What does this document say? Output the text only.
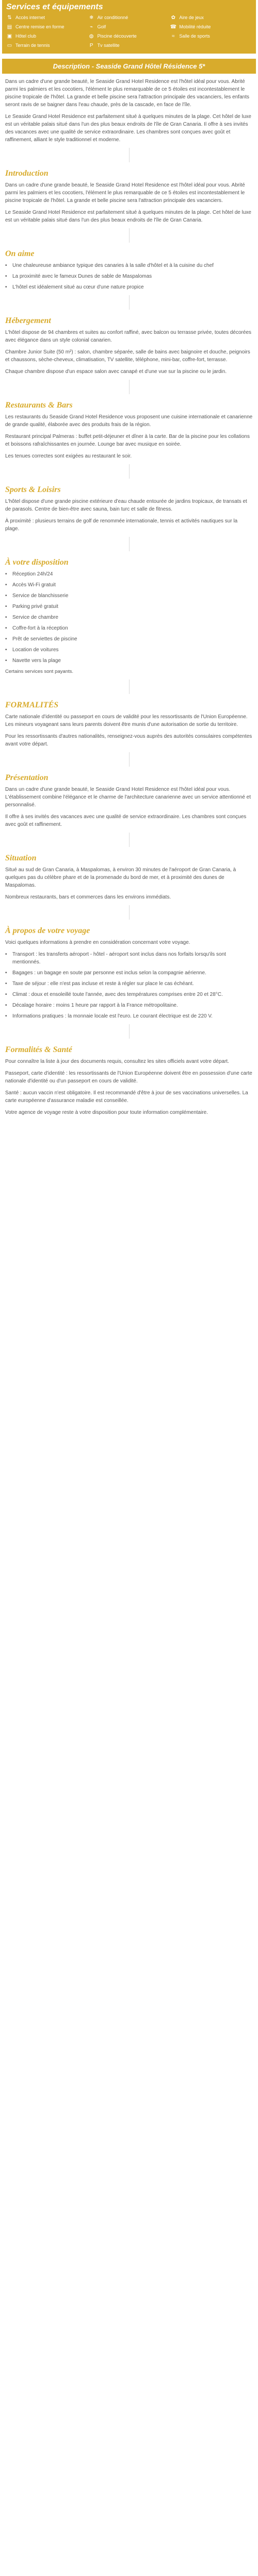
Services et équipements
⇅ Accès internet	❄ Air conditionné	✿ Aire de jeux
▤ Centre remise en forme	⌁ Golf	☎ Mobilité réduite
▣ Hôtel club	◍ Piscine découverte	≈ Salle de sports
▭ Terrain de tennis	P Tv satellite
Description - Seaside Grand Hôtel Résidence 5*

Dans un cadre d'une grande beauté, le Seaside Grand Hotel Residence est l'hôtel idéal pour vous. Abrité parmi les palmiers et les cocotiers, l'élément le plus remarquable de ce 5 étoiles est incontestablement le piscine tropicale de l'hôtel. La grande et belle piscine sera l'attraction principale des vacanciers, les enfants seront ravis de se baigner dans l'eau chaude, près de la cascade, en face de l'île.

Le Seaside Grand Hotel Residence est parfaitement situé à quelques minutes de la plage. Cet hôtel de luxe est un véritable palais situé dans l'un des plus beaux endroits de l'île de Gran Canaria. Il offre à ses invités des vacances avec une qualité de service extraordinaire. Les chambres sont conçues avec goût et raffinement, alliant le style traditionnel et moderne.

Introduction

Dans un cadre d'une grande beauté, le Seaside Grand Hotel Residence est l'hôtel idéal pour vous. Abrité parmi les palmiers et les cocotiers, l'élément le plus remarquable de ce 5 étoiles est incontestablement le piscine tropicale de l'hôtel. La grande et belle piscine sera l'attraction principale des vacanciers.

Le Seaside Grand Hotel Residence est parfaitement situé à quelques minutes de la plage. Cet hôtel de luxe est un véritable palais situé dans l'un des plus beaux endroits de l'île de Gran Canaria.

On aime
•	Une chaleureuse ambiance typique des canaries à la salle d'hôtel et à la cuisine du chef
•	La proximité avec le fameux Dunes de sable de Maspalomas
•	L'hôtel est idéalement situé au cœur d'une nature propice
Hébergement

L'hôtel dispose de 94 chambres et suites au confort raffiné, avec balcon ou terrasse privée, toutes décorées avec élégance dans un style colonial canarien.

Chambre Junior Suite (50 m²) : salon, chambre séparée, salle de bains avec baignoire et douche, peignoirs et chaussons, sèche-cheveux, climatisation, TV satellite, téléphone, mini-bar, coffre-fort, terrasse.

Chaque chambre dispose d'un espace salon avec canapé et d'une vue sur la piscine ou le jardin.

Restaurants & Bars

Les restaurants du Seaside Grand Hotel Residence vous proposent une cuisine internationale et canarienne de grande qualité, élaborée avec des produits frais de la région.

Restaurant principal Palmeras : buffet petit-déjeuner et dîner à la carte. Bar de la piscine pour les collations et boissons rafraîchissantes en journée. Lounge bar avec musique en soirée.

Les tenues correctes sont exigées au restaurant le soir.

Sports & Loisirs

L'hôtel dispose d'une grande piscine extérieure d'eau chaude entourée de jardins tropicaux, de transats et de parasols. Centre de bien-être avec sauna, bain turc et salle de fitness.

À proximité : plusieurs terrains de golf de renommée internationale, tennis et activités nautiques sur la plage.

À votre disposition
•	Réception 24h/24
•	Accès Wi-Fi gratuit
•	Service de blanchisserie
•	Parking privé gratuit
•	Service de chambre
•	Coffre-fort à la réception
•	Prêt de serviettes de piscine
•	Location de voitures
•	Navette vers la plage

Certains services sont payants.

FORMALITÉS

Carte nationale d'identité ou passeport en cours de validité pour les ressortissants de l'Union Européenne. Les mineurs voyageant sans leurs parents doivent être munis d'une autorisation de sortie du territoire.

Pour les ressortissants d'autres nationalités, renseignez-vous auprès des autorités consulaires compétentes avant votre départ.

Présentation

Dans un cadre d'une grande beauté, le Seaside Grand Hotel Residence est l'hôtel idéal pour vous. L'établissement combine l'élégance et le charme de l'architecture canarienne avec un service attentionné et personnalisé.

Il offre à ses invités des vacances avec une qualité de service extraordinaire. Les chambres sont conçues avec goût et raffinement.

Situation

Situé au sud de Gran Canaria, à Maspalomas, à environ 30 minutes de l'aéroport de Gran Canaria, à quelques pas du célèbre phare et de la promenade du bord de mer, et à proximité des dunes de Maspalomas.

Nombreux restaurants, bars et commerces dans les environs immédiats.

À propos de votre voyage

Voici quelques informations à prendre en considération concernant votre voyage.

•	Transport : les transferts aéroport - hôtel - aéroport sont inclus dans nos forfaits lorsqu'ils sont mentionnés.
•	Bagages : un bagage en soute par personne est inclus selon la compagnie aérienne.
•	Taxe de séjour : elle n'est pas incluse et reste à régler sur place le cas échéant.
•	Climat : doux et ensoleillé toute l'année, avec des températures comprises entre 20 et 28°C.
•	Décalage horaire : moins 1 heure par rapport à la France métropolitaine.
•	Informations pratiques : la monnaie locale est l'euro. Le courant électrique est de 220 V.
Formalités & Santé

Pour connaître la liste à jour des documents requis, consultez les sites officiels avant votre départ.

Passeport, carte d'identité : les ressortissants de l'Union Européenne doivent être en possession d'une carte nationale d'identité ou d'un passeport en cours de validité.

Santé : aucun vaccin n'est obligatoire. Il est recommandé d'être à jour de ses vaccinations universelles. La carte européenne d'assurance maladie est conseillée.

Votre agence de voyage reste à votre disposition pour toute information complémentaire.
